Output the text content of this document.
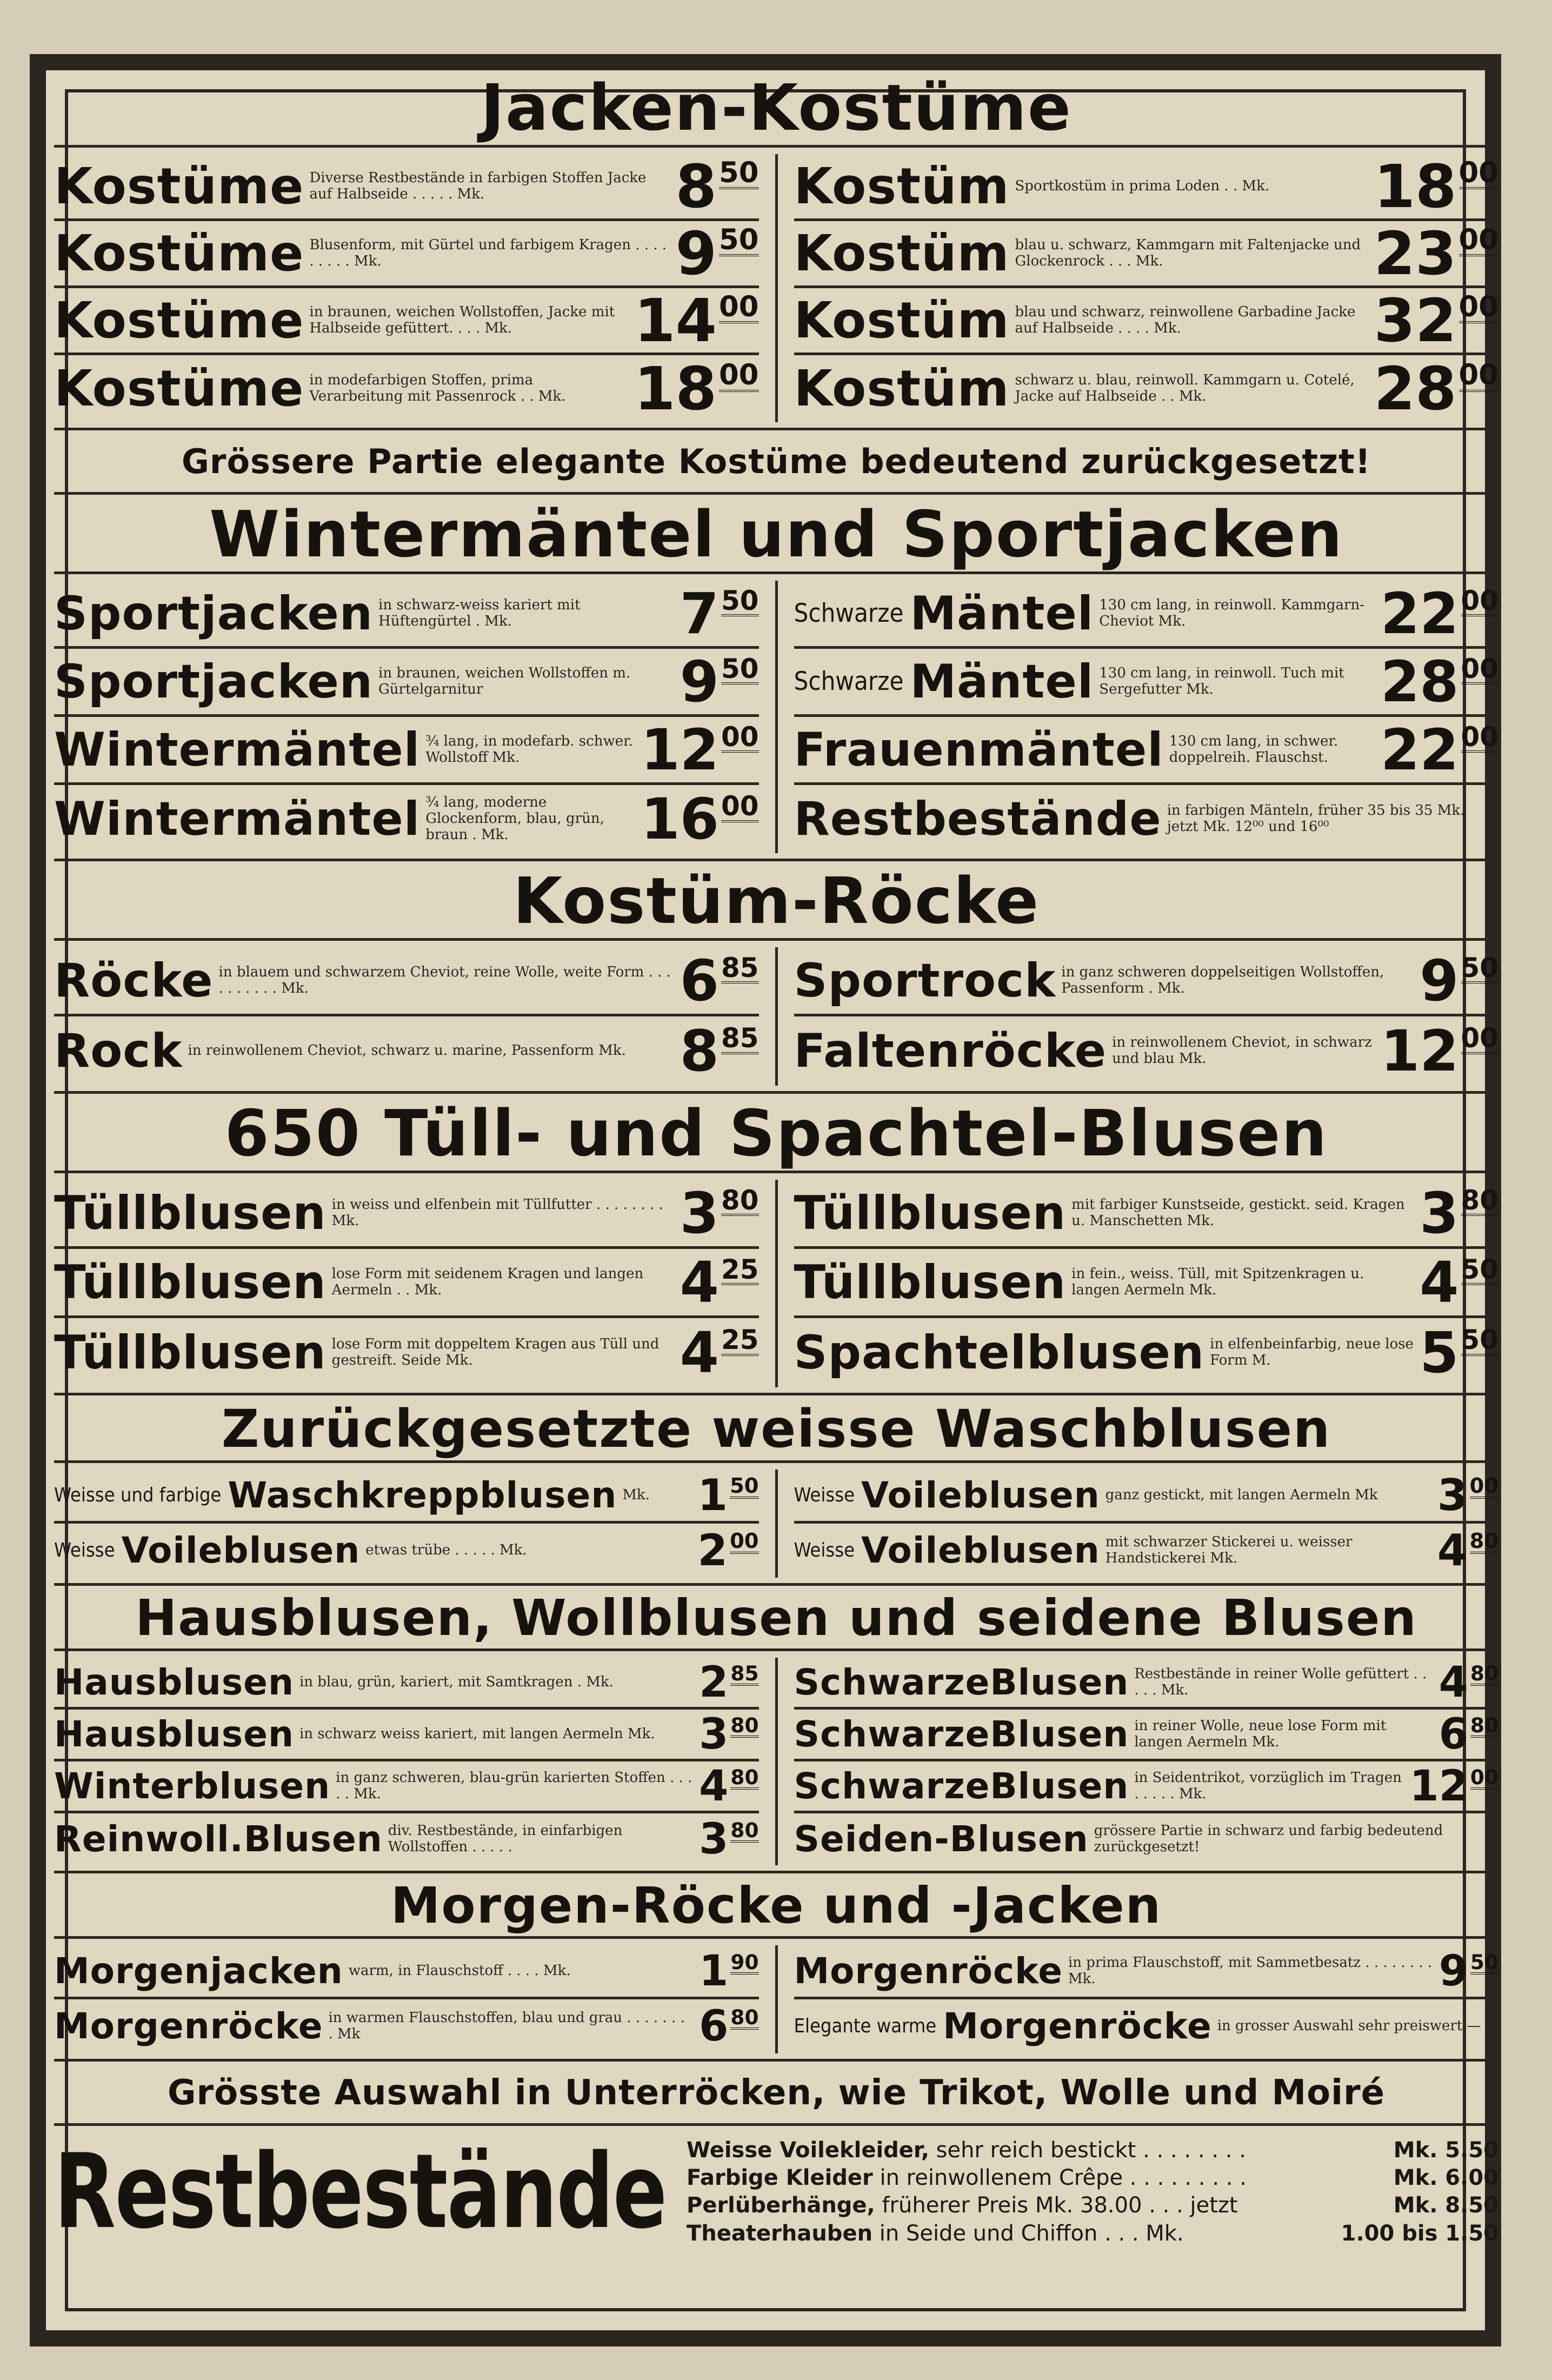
Jacken-Kostüme
Kostüme Diverse Restbestände in farbigen Stoffen Jacke auf Halbseide . . . . . Mk.	8 50
Kostüme Blusenform, mit Gürtel und farbigem Kragen . . . . . . . . . Mk.	9 50
Kostüme in braunen, weichen Wollstoffen, Jacke mit Halbseide gefüttert. . . . Mk.	14 00
Kostüme in modefarbigen Stoffen, prima Verarbeitung mit Passenrock . . Mk.	18 00
Kostüm Sportkostüm in prima Loden . . Mk.	18 00
Kostüm blau u. schwarz, Kammgarn mit Faltenjacke und Glockenrock . . . Mk.	23 00
Kostüm blau und schwarz, reinwollene Garbadine Jacke auf Halbseide . . . . Mk.	32 00
Kostüm schwarz u. blau, reinwoll. Kammgarn u. Cotelé, Jacke auf Halbseide . . Mk.	28 00
Grössere Partie elegante Kostüme bedeutend zurückgesetzt!
Wintermäntel und Sportjacken
Sportjacken in schwarz-weiss kariert mit Hüftengürtel . Mk.	7 50
Sportjacken in braunen, weichen Wollstoffen m. Gürtelgarnitur	9 50
Wintermäntel ¾ lang, in modefarb. schwer. Wollstoff Mk.	12 00
Wintermäntel ¾ lang, moderne Glockenform, blau, grün, braun . Mk.	16 00
Schwarze Mäntel 130 cm lang, in reinwoll. Kammgarn-Cheviot Mk.	22 00
Schwarze Mäntel 130 cm lang, in reinwoll. Tuch mit Sergefutter Mk.	28 00
Frauenmäntel 130 cm lang, in schwer. doppelreih. Flauschst. 22 00
Restbestände in farbigen Mänteln, früher 35 bis 35 Mk. jetzt Mk. 12⁰⁰ und 16⁰⁰
Kostüm-Röcke
Röcke in blauem und schwarzem Cheviot, reine Wolle, weite Form . . . . . . . . . . Mk.	6 85
Rock in reinwollenem Cheviot, schwarz u. marine, Passenform Mk. 8 85
Sportrock in ganz schweren doppelseitigen Wollstoffen, Passenform . Mk.	9 50
Faltenröcke in reinwollenem Cheviot, in schwarz und blau Mk.	12 00
650 Tüll- und Spachtel-Blusen
Tüllblusen in weiss und elfenbein mit Tüllfutter . . . . . . . . Mk.	3 80
Tüllblusen lose Form mit seidenem Kragen und langen Aermeln . . Mk.	4 25
Tüllblusen lose Form mit doppeltem Kragen aus Tüll und gestreift. Seide Mk.	4 25
Tüllblusen mit farbiger Kunstseide, gestickt. seid. Kragen u. Manschetten Mk.	3 80
Tüllblusen in fein., weiss. Tüll, mit Spitzenkragen u. langen Aermeln Mk.	4 50
Spachtelblusen in elfenbeinfarbig, neue lose Form M.	5 50
Zurückgesetzte weisse Waschblusen
Weisse und farbige Waschkreppblusen Mk.	1 50
Weisse Voileblusen etwas trübe . . . . . Mk.	2 00
Weisse Voileblusen ganz gestickt, mit langen Aermeln Mk	3 00
Weisse Voileblusen mit schwarzer Stickerei u. weisser Handstickerei Mk.	4 80
Hausblusen, Wollblusen und seidene Blusen
Hausblusen in blau, grün, kariert, mit Samtkragen . Mk.	2 85
Hausblusen in schwarz weiss kariert, mit langen Aermeln Mk.	3 80
Winterblusen in ganz schweren, blau-grün karierten Stoffen . . . . . Mk.	4 80
Reinwoll.Blusen div. Restbestände, in einfarbigen Wollstoffen . . . . .	3 80
SchwarzeBlusen Restbestände in reiner Wolle gefüttert . . . . . Mk.	4 80
SchwarzeBlusen in reiner Wolle, neue lose Form mit langen Aermeln Mk.	6 80
SchwarzeBlusen in Seidentrikot, vorzüglich im Tragen . . . . . Mk.	12 00
Seiden-Blusen grössere Partie in schwarz und farbig bedeutend zurückgesetzt!
Morgen-Röcke und -Jacken
Morgenjacken warm, in Flauschstoff . . . . Mk.	1 90
Morgenröcke in warmen Flauschstoffen, blau und grau . . . . . . . . Mk	6 80
Morgenröcke in prima Flauschstoff, mit Sammetbesatz . . . . . . . . Mk.	9 50
Elegante warme Morgenröcke in grosser Auswahl sehr preiswert —
Grösste Auswahl in Unterröcken, wie Trikot, Wolle und Moiré
Restbestände Weisse Voilekleider, sehr reich bestickt . . . . . . . .	Mk. 5.50
Farbige Kleider in reinwollenem Crêpe . . . . . . . . .	Mk. 6.00
Perlüberhänge, früherer Preis Mk. 38.00 . . . jetzt	Mk. 8.50
Theaterhauben in Seide und Chiffon . . . Mk.	1.00 bis 1.50
